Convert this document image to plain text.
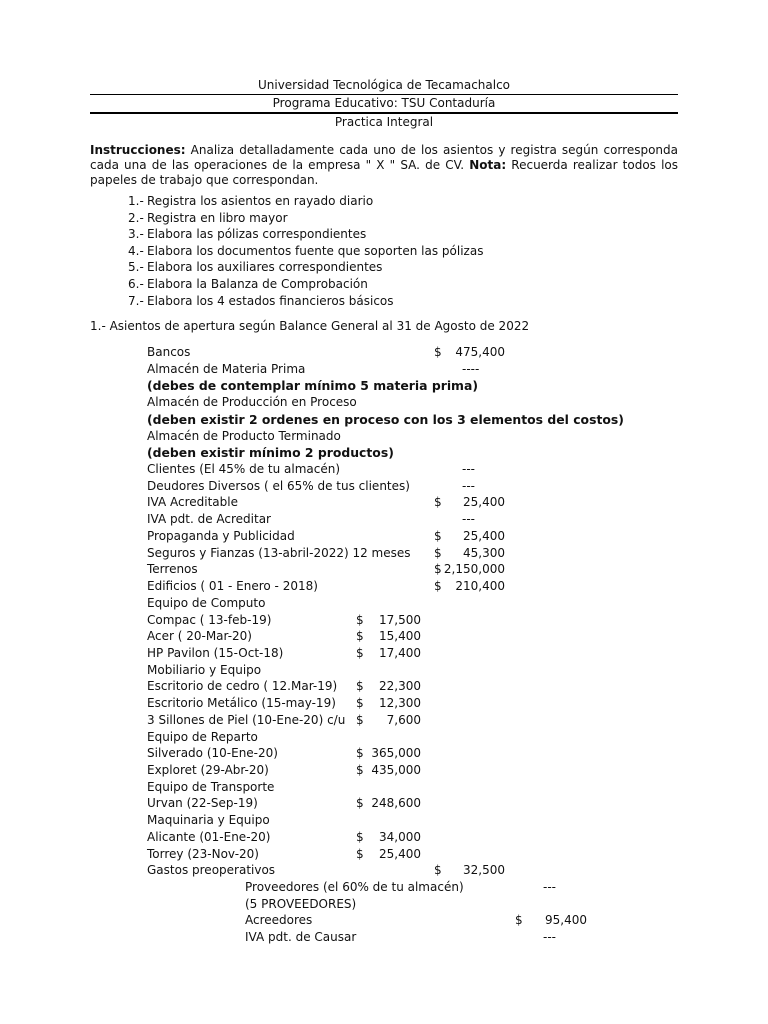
Universidad Tecnológica de Tecamachalco
Programa Educativo: TSU Contaduría
Practica Integral
Instrucciones: Analiza detalladamente cada uno de los asientos y registra según corresponda cada una de las operaciones de la empresa " X " SA. de CV. Nota: Recuerda realizar todos los papeles de trabajo que correspondan.
1.- Registra los asientos en rayado diario
2.- Registra en libro mayor
3.- Elabora las pólizas correspondientes
4.- Elabora los documentos fuente que soporten las pólizas
5.- Elabora los auxiliares correspondientes
6.- Elabora la Balanza de Comprobación
7.- Elabora los 4 estados financieros básicos
1.- Asientos de apertura según Balance General al 31 de Agosto de 2022
Bancos	$	475,400
Almacén de Materia Prima	----
(debes de contemplar mínimo 5 materia prima)
Almacén de Producción en Proceso
(deben existir 2 ordenes en proceso con los 3 elementos del costos)
Almacén de Producto Terminado
(deben existir mínimo 2 productos)
Clientes (El 45% de tu almacén)	---
Deudores Diversos ( el 65% de tus clientes)	---
IVA Acreditable	$	25,400
IVA pdt. de Acreditar	---
Propaganda y Publicidad	$	25,400
Seguros y Fianzas (13-abril-2022) 12 meses $	45,300
Terrenos	$ 2,150,000
Edificios ( 01 - Enero - 2018)	$	210,400
Equipo de Computo
Compac ( 13-feb-19)	$	17,500
Acer ( 20-Mar-20)	$	15,400
HP Pavilon (15-Oct-18)	$	17,400
Mobiliario y Equipo
Escritorio de cedro ( 12.Mar-19) $	22,300
Escritorio Metálico (15-may-19) $	12,300
3 Sillones de Piel (10-Ene-20) c/u $	7,600
Equipo de Reparto
Silverado (10-Ene-20)	$ 365,000
Exploret (29-Abr-20)	$ 435,000
Equipo de Transporte
Urvan (22-Sep-19)	$ 248,600
Maquinaria y Equipo
Alicante (01-Ene-20)	$	34,000
Torrey (23-Nov-20)	$	25,400
Gastos preoperativos	$	32,500
Proveedores (el 60% de tu almacén)	---
(5 PROVEEDORES)
Acreedores	$	95,400
IVA pdt. de Causar	---
